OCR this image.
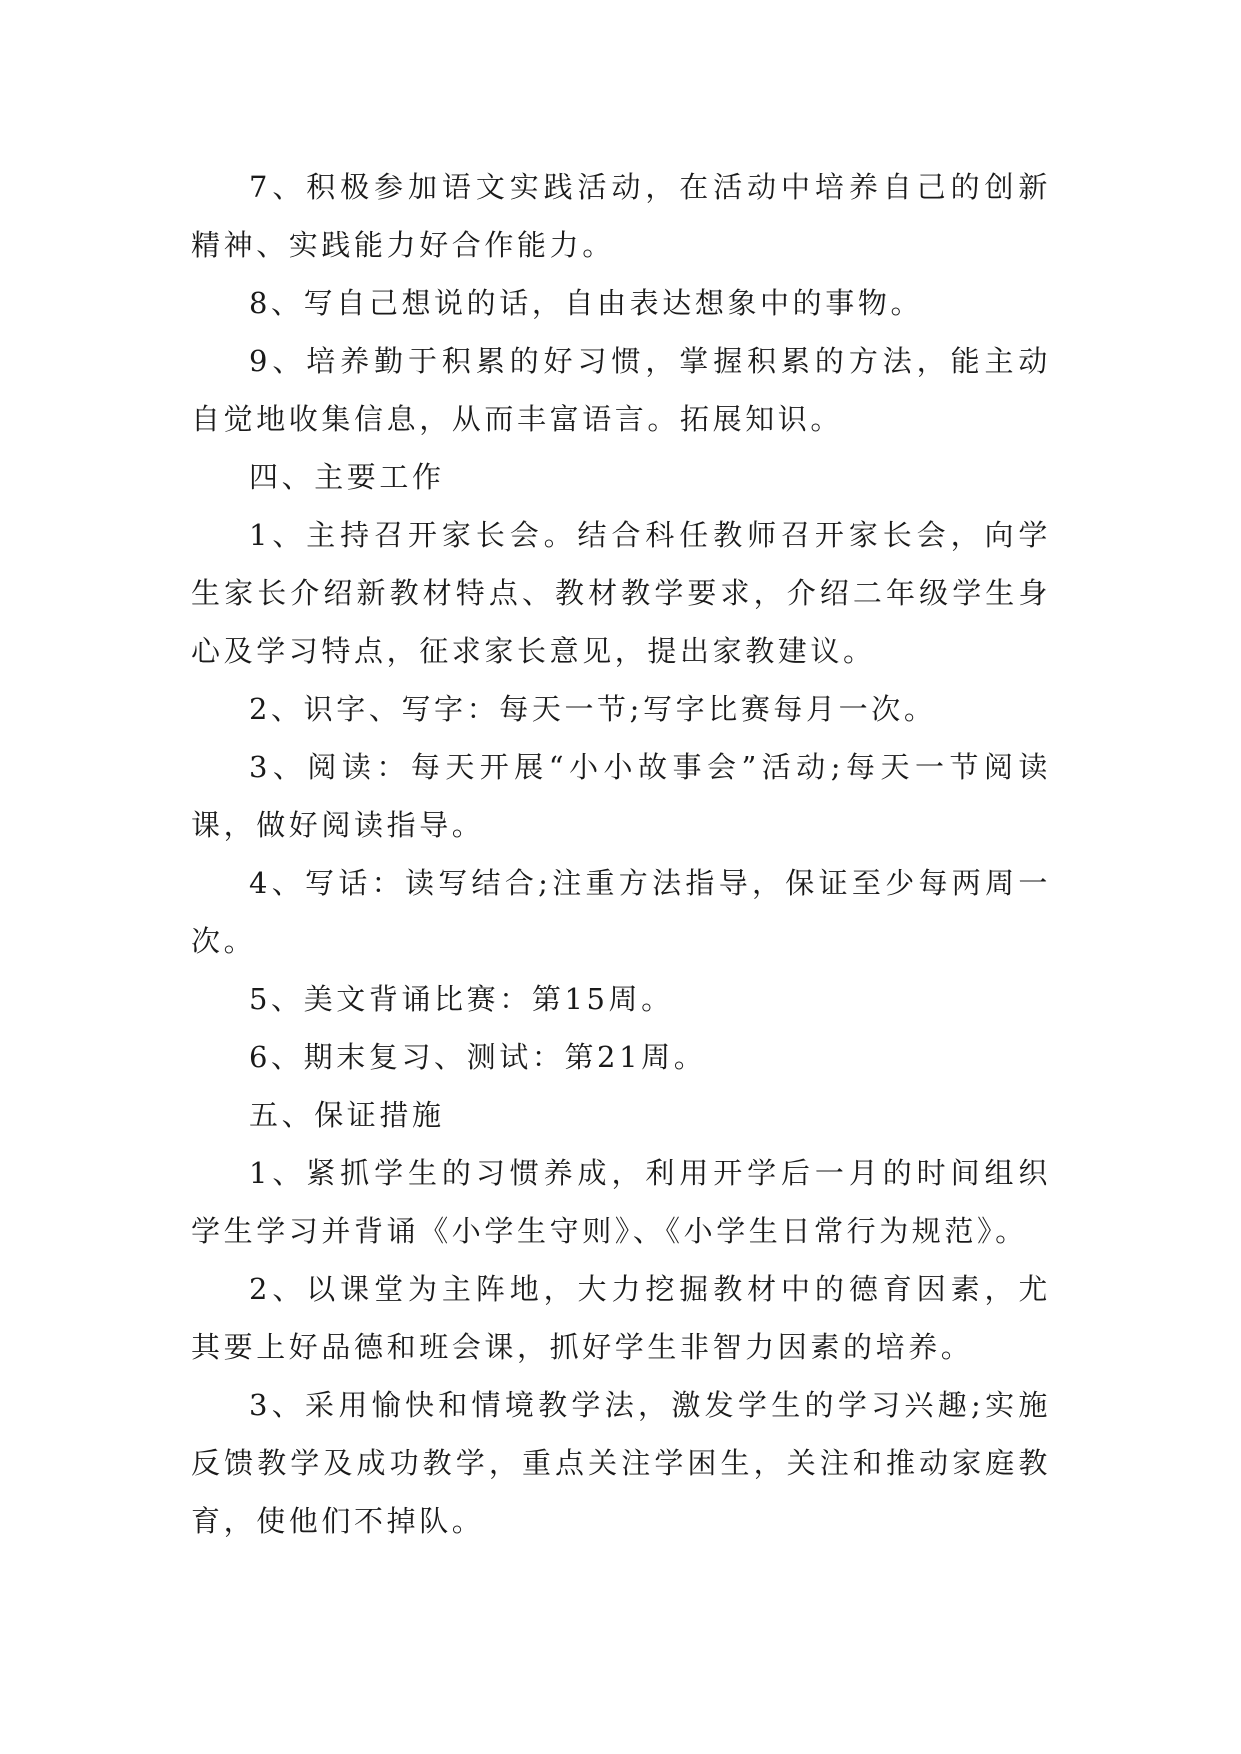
7、积极参加语文实践活动，在活动中培养自己的创新精神、实践能力好合作能力。

8、写自己想说的话，自由表达想象中的事物。

9、培养勤于积累的好习惯，掌握积累的方法，能主动自觉地收集信息，从而丰富语言。拓展知识。

四、主要工作

1、主持召开家长会。结合科任教师召开家长会，向学生家长介绍新教材特点、教材教学要求，介绍二年级学生身心及学习特点，征求家长意见，提出家教建议。

2、识字、写字：每天一节;写字比赛每月一次。

3、阅读：每天开展“小小故事会”活动;每天一节阅读课，做好阅读指导。

4、写话：读写结合;注重方法指导，保证至少每两周一次。

5、美文背诵比赛：第15周。

6、期末复习、测试：第21周。

五、保证措施

1、紧抓学生的习惯养成，利用开学后一月的时间组织学生学习并背诵《小学生守则》、《小学生日常行为规范》。

2、以课堂为主阵地，大力挖掘教材中的德育因素，尤其要上好品德和班会课，抓好学生非智力因素的培养。

3、采用愉快和情境教学法，激发学生的学习兴趣;实施反馈教学及成功教学，重点关注学困生，关注和推动家庭教育，使他们不掉队。
